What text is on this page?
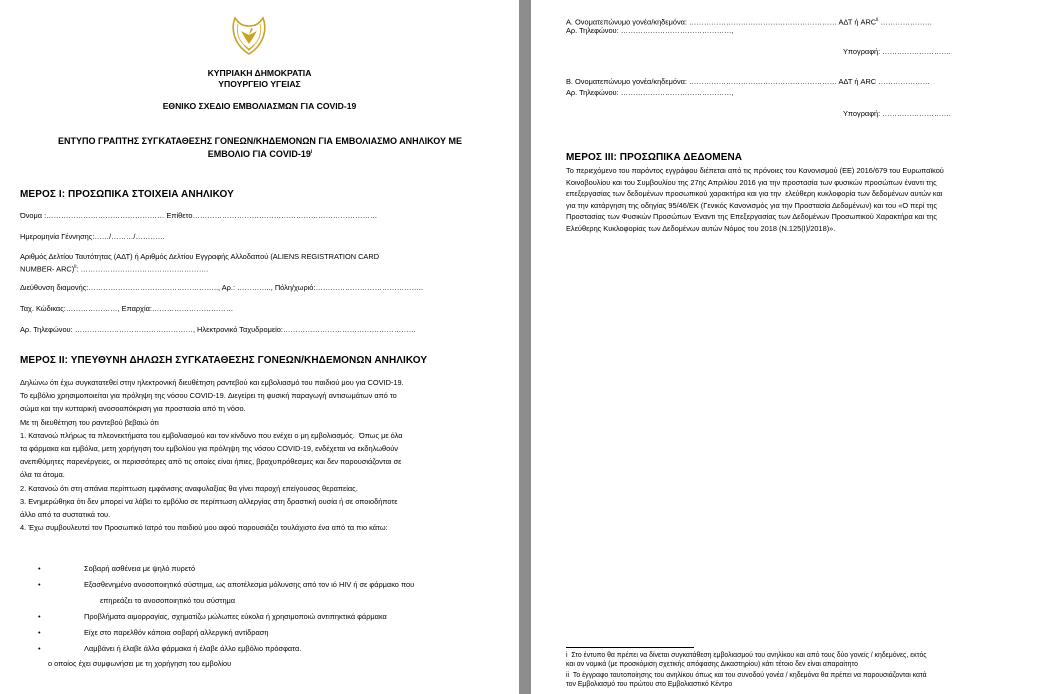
ΚΥΠΡΙΑΚΗ ΔΗΜΟΚΡΑΤΙΑ
ΥΠΟΥΡΓΕΙΟ ΥΓΕΙΑΣ
ΕΘΝΙΚΟ ΣΧΕΔΙΟ ΕΜΒΟΛΙΑΣΜΩΝ ΓΙΑ COVID-19
ΕΝΤΥΠΟ ΓΡΑΠΤΗΣ ΣΥΓΚΑΤΑΘΕΣΗΣ ΓΟΝΕΩΝ/ΚΗΔΕΜΟΝΩΝ ΓΙΑ ΕΜΒΟΛΙΑΣΜΟ ΑΝΗΛΙΚΟΥ ΜΕ
ΕΜΒΟΛΙΟ ΓΙΑ COVID-19$^i$
ΜΕΡΟΣ Ι: ΠΡΟΣΩΠΙΚΑ ΣΤΟΙΧΕΙΑ ΑΝΗΛΙΚΟΥ
Όνομα :………………………………………… Επίθετο…………………………………………………………………
Ημερομηνία Γέννησης:……/………/…………
Αριθμός Δελτίου Ταυτότητας (ΑΔΤ) ή Αριθμός Δελτίου Εγγραφής Αλλοδαπού (ALIENS REGISTRATION CARD
NUMBER- ARC)$^{ii}$: …………………………………………….
Διεύθυνση διαμονής:…………………………………………….., Αρ.: ………….., Πόλη/χωριό:……………………………………..
Ταχ. Κώδικας:…………………, Επαρχία:……………………………
Αρ. Τηλεφώνου: …………………………………………, Ηλεκτρονικό Ταχυδρομείο:………………………………………………
ΜΕΡΟΣ ΙΙ: ΥΠΕΥΘΥΝΗ ΔΗΛΩΣΗ ΣΥΓΚΑΤΑΘΕΣΗΣ ΓΟΝΕΩΝ/ΚΗΔΕΜΟΝΩΝ ΑΝΗΛΙΚΟΥ
Δηλώνω ότι έχω συγκατατεθεί στην ηλεκτρονική διευθέτηση ραντεβού και εμβολιασμό του παιδιού μου για COVID-19.
Το εμβόλιο χρησιμοποιείται για πρόληψη της νόσου COVID-19. Διεγείρει τη φυσική παραγωγή αντισωμάτων από το
σώμα και την κυτταρική ανοσοαπόκριση για προστασία από τη νόσο.
Με τη διευθέτηση του ραντεβού βεβαιώ ότι
1. Κατανοώ πλήρως τα πλεονεκτήματα του εμβολιασμού και τον κίνδυνο που ενέχει ο μη εμβολιασμός.  Όπως με όλα
τα φάρμακα και εμβόλια, μετη χορήγηση του εμβολίου για πρόληψη της νόσου COVID-19, ενδέχεται να εκδηλωθούν
ανεπιθύμητες παρενέργειες, οι περισσότερες από τις οποίες είναι ήπιες, βραχυπρόθεσμες και δεν παρουσιάζονται σε
όλα τα άτομα.
2. Κατανοώ ότι στη σπάνια περίπτωση εμφάνισης αναφυλαξίας θα γίνει παροχή επείγουσας θεραπείας.
3. Ενημερώθηκα ότι δεν μπορεί να λάβει το εμβόλιο σε περίπτωση αλλεργίας στη δραστική ουσία ή σε οποιοδήποτε
άλλο από τα συστατικά του.
4. Έχω συμβουλευτεί τον Προσωπικό Ιατρό του παιδιού μου αφού παρουσιάζει τουλάχιστο ένα από τα πιο κάτω:
•	Σοβαρή ασθένεια με ψηλό πυρετό
•	Εξασθενημένο ανοσοποιητικό σύστημα, ως αποτέλεσμα μόλυνσης από τον ιό HIV ή σε φάρμακο που
επηρεάζει το ανοσοποιητικό του σύστημα
•	Προβλήματα αιμορραγίας, σχηματίζω μώλωπες εύκολα ή χρησιμοποιώ αντιπηκτικά φάρμακα
•	Είχε στο παρελθόν κάποια σοβαρή αλλεργική αντίδραση
•	Λαμβάνει ή έλαβε άλλα φάρμακα ή έλαβε άλλο εμβόλιο πρόσφατα.
ο οποίος έχει συμφωνήσει με τη χορήγηση του εμβολίου
Α. Ονοματεπώνυμο γονέα/κηδεμόνα: …………………………………………………… ΑΔΤ ή ARC$^{ii}$ …………………
Αρ. Τηλεφώνου: ………………………………………,
Υπογραφή: ……………………….
Β. Ονοματεπώνυμο γονέα/κηδεμόνα: …………………………………………………… ΑΔΤ ή ARC …………………
Αρ. Τηλεφώνου: ………………………………………,
Υπογραφή: ……………………….
ΜΕΡΟΣ ΙΙΙ: ΠΡΟΣΩΠΙΚΑ ΔΕΔΟΜΕΝΑ
Το περιεχόμενο του παρόντος εγγράφου διέπεται από τις πρόνοιες του Κανονισμού (ΕΕ) 2016/679 του Ευρωπαϊκού
Κοινοβουλίου και του Συμβουλίου της 27ης Απριλίου 2016 για την προστασία των φυσικών προσώπων έναντι της
επεξεργασίας των δεδομένων προσωπικού χαρακτήρα και για την  ελεύθερη κυκλοφορία των δεδομένων αυτών και
για την κατάργηση της οδηγίας 95/46/ΕΚ (Γενικός Κανονισμός για την Προστασία Δεδομένων) και του «Ο περί της
Προστασίας των Φυσικών Προσώπων Έναντι της Επεξεργασίας των Δεδομένων Προσωπικού Χαρακτήρα και της
Ελεύθερης Κυκλοφορίας των Δεδομένων αυτών Νόμος του 2018 (Ν.125(Ι)/2018)».
i  Στο έντυπο θα πρέπει να δίνεται συγκατάθεση εμβολιασμού του ανηλίκου και από τους δύο γονείς / κηδεμόνες, εκτός
και αν νομικά (με προσκόμιση σχετικής απόφασης Δικαστηρίου) κάτι τέτοιο δεν είναι απαραίτητο
ii  Το έγγραφο ταυτοποίησης του ανηλίκου όπως και του συνοδού γονέα / κηδεμόνα θα πρέπει να παρουσιάζονται κατά
τον Εμβολιασμό του πρώτου στο Εμβολιαστικό Κέντρο
